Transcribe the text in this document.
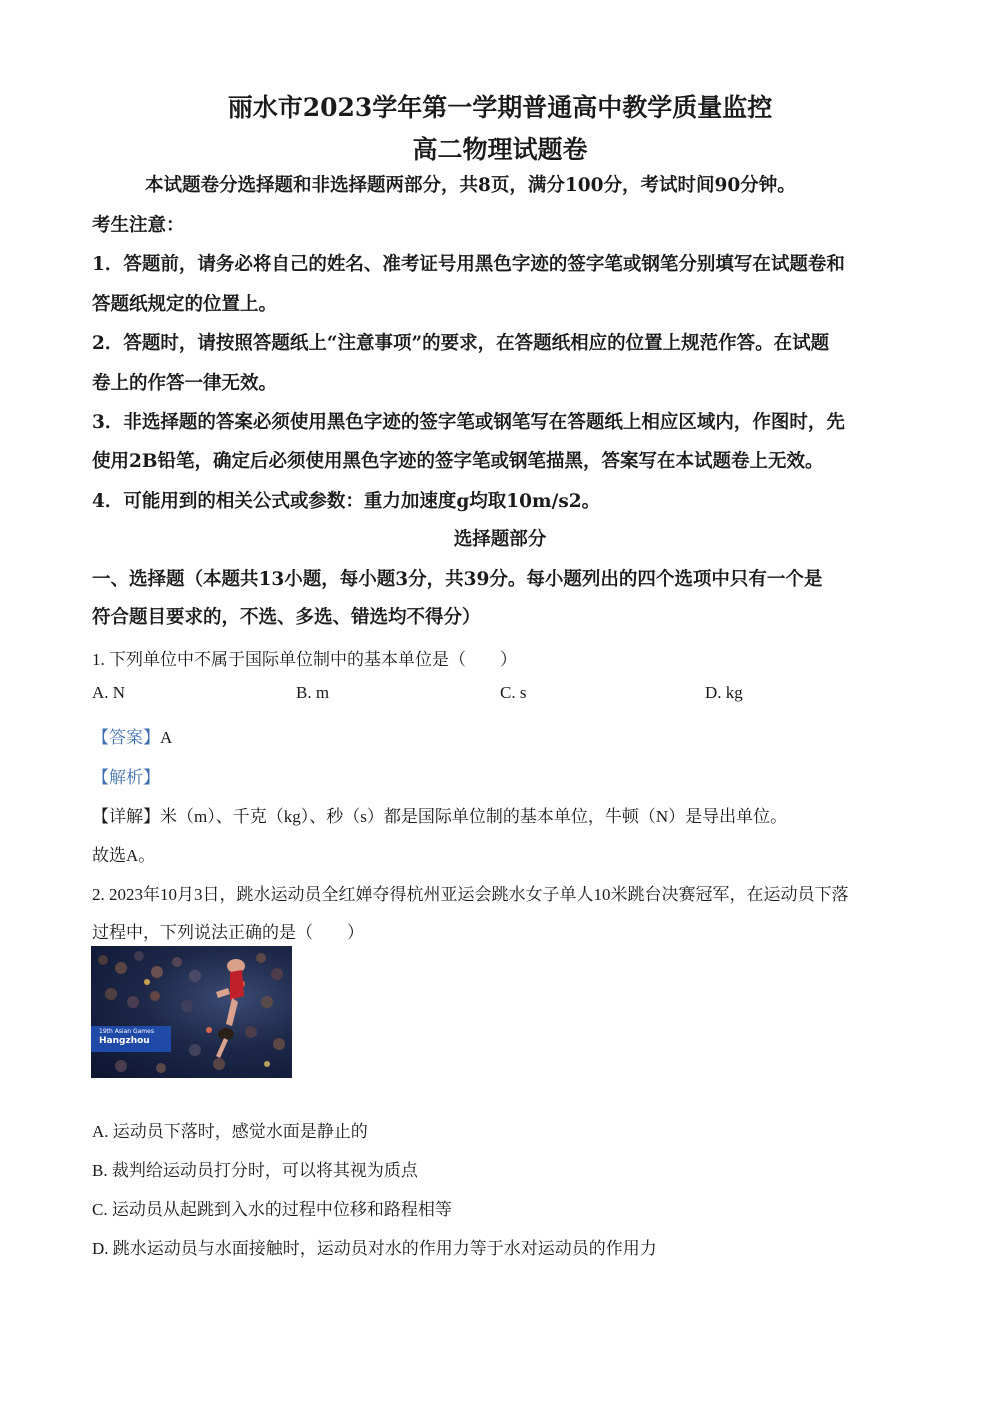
丽水市2023学年第一学期普通高中教学质量监控
高二物理试题卷
本试题卷分选择题和非选择题两部分，共8页，满分100分，考试时间90分钟。
考生注意：
1．答题前，请务必将自己的姓名、准考证号用黑色字迹的签字笔或钢笔分别填写在试题卷和
答题纸规定的位置上。
2．答题时，请按照答题纸上“注意事项”的要求，在答题纸相应的位置上规范作答。在试题
卷上的作答一律无效。
3．非选择题的答案必须使用黑色字迹的签字笔或钢笔写在答题纸上相应区域内，作图时，先
使用2B铅笔，确定后必须使用黑色字迹的签字笔或钢笔描黑，答案写在本试题卷上无效。
4．可能用到的相关公式或参数：重力加速度g均取10m/s2。
选择题部分
一、选择题（本题共13小题，每小题3分，共39分。每小题列出的四个选项中只有一个是
符合题目要求的，不选、多选、错选均不得分）
1. 下列单位中不属于国际单位制中的基本单位是（　　）
A. N	B. m	C. s	D. kg
【答案】A
【解析】
【详解】米（m）、千克（kg）、秒（s）都是国际单位制的基本单位，牛顿（N）是导出单位。
故选A。
2. 2023年10月3日，跳水运动员全红婵夺得杭州亚运会跳水女子单人10米跳台决赛冠军，在运动员下落
过程中，下列说法正确的是（　　）
19th Asian Games
Hangzhou
A. 运动员下落时，感觉水面是静止的
B. 裁判给运动员打分时，可以将其视为质点
C. 运动员从起跳到入水的过程中位移和路程相等
D. 跳水运动员与水面接触时，运动员对水的作用力等于水对运动员的作用力
